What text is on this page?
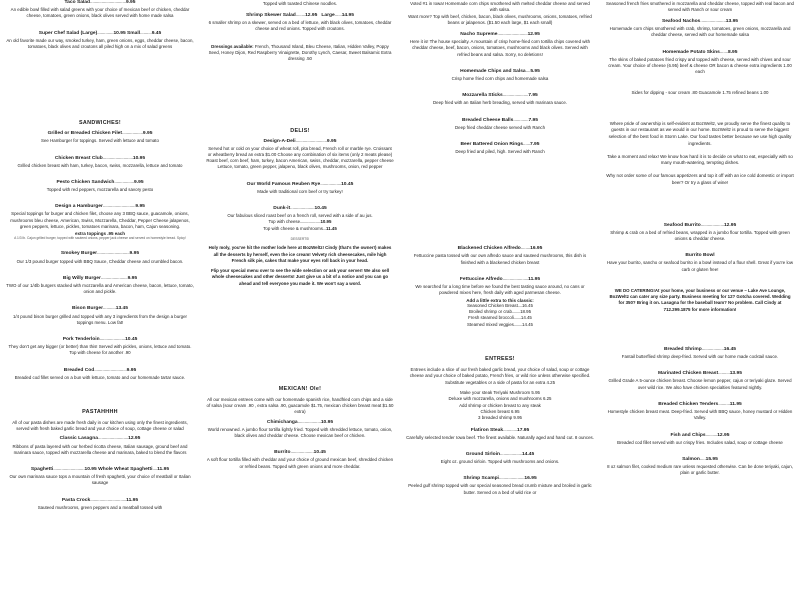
Taco Salad...............................9.95
An edible bowl filled with salad greens with your choice of mexican beef or chicken, cheddar cheese, tomatoes, green onions, black olives served with home made salsa
Super Chef Salad (Large)..............10.95 Small..........9.45
An old favorite made our way, smoked turkey, ham, green onions, eggs, cheddar cheese, bacon, tomatoes, black olives and croutons all piled high on a mix of salad greens
SANDWICHES!
Grilled or Breaded Chicken Filet..................9.95
See Hamburger for toppings. Served with lettuce and tomato
Chicken Breast Club..........................10.95
Grilled chicken breast with ham, turkey, bacon, swiss, mozzarella, lettuce and tomato
Pesto Chicken Sandwich.................9.95
Topped with red peppers, mozzarella and savory pesto
Design a Hamburger............................9.95
Special toppings for burger and chicken filet, choose any 3 BBQ sauce, guacamole, onions, mushrooms bleu cheese, American, Swiss, Mozzarella, Cheddar, Pepper Cheese jalapenos, green peppers, lettuce, pickles, tomatoes marinara, bacon, ham, Cajun seasoning.
extra toppings .95 each
A 1/3 lb. Cajun grilled burger, topped with sauteed onions, pepper jack cheese and served on homestyle bread. Spicy!
Smokey Burger............................9.95
Our 1/3 pound burger topped with BBQ Sauce, Cheddar cheese and crumbled bacon.
Big Willy Burger.......................9.95
TWO of our 1/4lb burgers stacked with mozzarella and American cheese, bacon, lettuce, tomato, onion and pickle.
Bison Burger...........13.45
1/4 pound bison burger grilled and topped with any 3 ingredients from the design a burger toppings menu. Low fat!
Pork Tenderloin......................10.45
They don't get any bigger (or better) than this! Served with pickles, onions, lettuce and tomato. Top with cheese for another .90
Breaded Cod............................9.95
Breaded cod fillet served on a bun with lettuce, tomato and our homemade tartar sauce.
PASTAHHHH
All of our pasta dishes are made fresh daily in our kitchen using only the finest ingredients, served with fresh baked garlic bread and your choice of soup, cottage cheese or salad
Classic Lasagna..........................12.95
Ribbons of pasta layered with our herbed ricotta cheese, Italian sausage, ground beef and marinara sauce, topped with mozzarella cheese and marinara, baked to blend the flavors
Spaghetti...........................10.95 Whole Wheat Spaghetti....11.95
Our own marinara sauce tops a mountain of fresh spaghetti, your choice of meatball or Italian sausage
Pasta Crock...............................11.95
Sauteed mushrooms, green peppers and a meatball tossed with
Topped with toasted Chinese noodles.
Shrimp Skewer Salad........12.95 Large......14.95
6 smaller shrimp on a skewer, served on a bed of lettuce, with black olives, tomatoes, cheddar cheese and red onions. Topped with croutons.
Dressings available: French, Thousand Island, Bleu Cheese, Italian, Hidden Valley, Poppy Seed, Honey Dijon, Red Raspberry Vinaigrette, Dorothy Lynch, Caesar, Sweet Balsamic Extra dressing .50
DELIS!
Design-A-Deli...........................9.95
Served hot or cold on your choice of wheat roll, pita bread, French roll or marble rye. Croissant or wheatberry bread an extra $1.00 Choose any combination of six items (only 2 meats please) Roast beef, corn beef, ham, turkey, bacon American, swiss, cheddar, mozzarella, pepper cheese Lettuce, tomato, green pepper, jalapeno, black olives, mushrooms, onion, red pepper
Our World Famous Reuben Rye..................10.45
Made with traditional corn beef or try turkey!
Dunk-it.....................10.45
Our fabulous sliced roast beef on a french roll, served with a side of au jus.
Top with cheese....................10.95
Top with cheese & mushrooms...11.45
DESSERTS!
Holy moly, you've hit the mother lode here at BozWeltz! Cindy (that's the owner!) makes all the desserts by herself, even the ice cream! Velvety rich cheesecakes, mile high French silk pie, cakes that make your eyes roll back in your head.
Flip your special menu over to see the wide selection or ask your server! We also sell whole cheesecakes and other desserts! Just give us a bit of a notice and you can go ahead and tell everyone you made it. We won't say a word.
MEXICAN! Ole!
All our mexican entrees come with our homemade spanish rice, handfried corn chips and a side of salsa (sour cream .90 , extra salsa .90, guacamole $1.75, mexican chicken breast meat $1.50 extra)
Chimichanga....................10.95
World renowned. A jumbo flour tortilla lightly fried. Topped with shredded lettuce, tomato, onion, black olives and cheddar cheese. Choose mexican beef or chicken.
Burrito....................10.45
A soft flour tortilla filled with cheddar and your choice of ground mexican beef, shredded chicken or refried beans. Topped with green onions and more cheddar.
Voted #1 in Iowa! Homemade corn chips smothered with melted cheddar cheese and served with salsa.
Want more? Top with beef, chicken, bacon, black olives, mushrooms, onions, tomatoes, refried beans or jalapenos. ($1.50 each large, $1 each small)
Nacho Supreme..........................12.95
Here it is! The house specialty. A mountain of crisp home-fried corn tortilla chips covered with cheddar cheese, beef, bacon, onions, tomatoes, mushrooms and black olives. Served with refried beans and salsa. Sorry, no deletions!
Homemade Chips and Salsa....5.95
Crisp home fried corn chips and homemade salsa
Mozzarella Sticks......................7.95
Deep fried with an Italian herb breading, served with marinara sauce.
Breaded Cheese Balls.............7.95
Deep fried cheddar cheese served with Ranch
Beer Battered Onion Rings......7.95
Deep fried and piled, high. Served with Ranch
Blackened Chicken Alfredo........16.95
Fettuccine pasta tossed with our own alfredo sauce and sauteed mushrooms, this dish is finished with a blackened chicken breast
Fettuccine Alfredo......................11.95
We searched for a long time before we found the best tasting sauce around, no cans or powdered mixes here, fresh daily with aged parmesan cheese.
Add a little extra to this classic:
Seasoned Chicken Breast....16.45
Broiled shrimp or crab........18.95
Fresh steamed broccoli.......14.45
Steamed mixed veggies........14.45
ENTREES!
Entrees include a slice of our fresh baked garlic bread, your choice of salad, soup or cottage cheese and your choice of baked potato, French fries, or wild rice unless otherwise specified. Substitute vegetables or a side of pasta for an extra 4.25
Make your steak Teriyaki Mushroom 5.95
Deluxe with mozzarella, onions and mushrooms 6.25
Add shrimp or chicken breast to any steak
Chicken breast 6.95
3 breaded shrimp 9.95
Flatiron Steak............17.95
Carefully selected tender Iowa beef. The finest available. Naturally aged and hand cut. 8 ounces.
Ground Sirloin...................14.45
Eight oz. ground sirloin. Topped with mushrooms and onions.
Shrimp Scampi......................16.95
Peeled gulf shrimp topped with our special seasoned bread crumb mixture and broiled in garlic butter. Served on a bed of wild rice or
Seasoned french fries smothered in mozzarella and cheddar cheese, topped with real bacon and served with Ranch or sour cream
Seafood Nachos......................13.95
Homemade corn chips smothered with crab, shrimp, tomatoes, green onions, mozzarella and cheddar cheese, served with our homemade salsa
Homemade Potato Skins.......8.95
The skins of baked potatoes fried crispy and topped with cheese, served with chives and sour cream. Your choice of cheese (6.95) beef & cheese OR bacon & cheese extra ingredients 1.00 each
Sides for dipping - sour cream .80 Guacamole 1.75 refined beans 1.00
Where pride of ownership is self-evident at BozWeltz, we proudly serve the finest quality to guests in our restaurant as we would in our home. BozWeltz is proud to serve the biggest selection of the best food in Storm Lake. Our food tastes better because we use high quality ingredients.
Take a moment and relax! We know how hard it is to decide on what to eat, especially with so many mouth-watering, tempting dishes.
Why not order some of our famous appetizers and top it off with an ice cold domestic or import beer? Or try a glass of wine!
Seafood Burrito....................12.95
Shrimp & crab on a bed of refried beans, wrapped in a jumbo flour tortilla. Topped with green onions & cheddar cheese.
Burrito Bowl
Have your burrito, sancho or seafood burrito in a bowl instead of a flour shell. Great if you're low carb or gluten free!
WE DO CATERING!At your home, your business or our venue – Lake Ave Lounge, BozWeltz can cater any size party. Business meeting for 12? Gotcha covered. Wedding for 350? Bring it on. Lasagna for the baseball team? No problem. Call Cindy at 712.299.1875 for more information!
Breaded Shrimp...................16.45
Fantail butterflied shrimp deep-fried. Served with our home made cocktail sauce.
Marinated Chicken Breast..........13.95
Grilled Grade A 5-ounce chicken breast. Choose lemon pepper, cajun or teriyaki glaze. Served over wild rice. We also have chicken specialties featured nightly.
Breaded Chicken Tenders..........11.95
Homestyle chicken breast meat. Deep-fried. Served with BBQ sauce, honey mustard or Hidden Valley.
Fish and Chips..........12.95
Breaded cod fillet served with our crispy fries. Includes salad, soup or cottage cheese
Salmon.....15.95
8 oz salmon filet, cooked medium rare unless requested otherwise. Can be done teriyaki, cajun, plain or garlic butter.
